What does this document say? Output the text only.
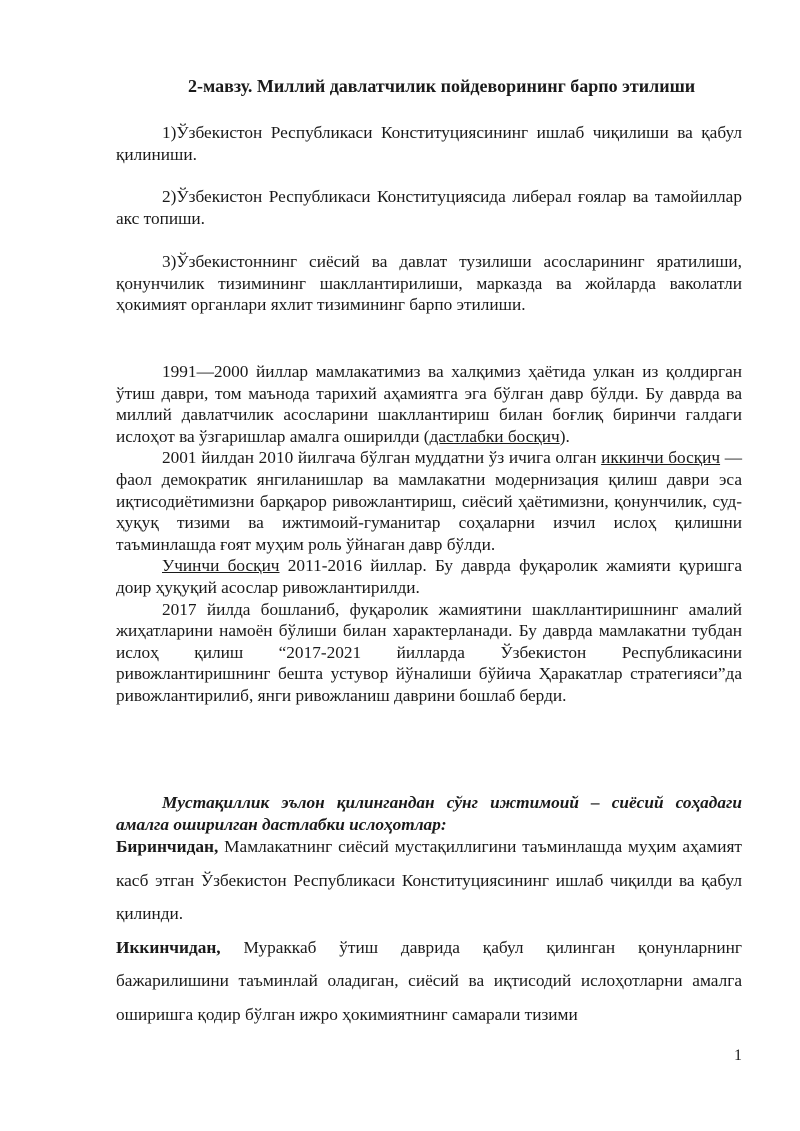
2-мавзу. Миллий давлатчилик пойдеворининг барпо этилиши

1)Ўзбекистон Республикаси Конституциясининг ишлаб чиқилиши ва қабул қилиниши.

2)Ўзбекистон Республикаси Конституциясида либерал ғоялар ва тамойиллар акс топиши.

3)Ўзбекистоннинг сиёсий ва давлат тузилиши асосларининг яратилиши, қонунчилик тизимининг шакллантирилиши, марказда ва жойларда ваколатли ҳокимият органлари яхлит тизимининг барпо этилиши.

1991—2000 йиллар мамлакатимиз ва халқимиз ҳаётида улкан из қолдирган ўтиш даври, том маънода тарихий аҳамиятга эга бўлган давр бўлди. Бу даврда ва миллий давлатчилик асосларини шакллантириш билан боғлиқ биринчи галдаги ислоҳот ва ўзгаришлар амалга оширилди (дастлабки босқич).

2001 йилдан 2010 йилгача бўлган муддатни ўз ичига олган иккинчи босқич — фаол демократик янгиланишлар ва мамлакатни модернизация қилиш даври эса иқтисодиётимизни барқарор ривожлантириш, сиёсий ҳаётимизни, қонунчилик, суд-ҳуқуқ тизими ва ижтимоий-гуманитар соҳаларни изчил ислоҳ қилишни таъминлашда ғоят муҳим роль ўйнаган давр бўлди.

Учинчи босқич 2011-2016 йиллар. Бу даврда фуқаролик жамияти қуришга доир ҳуқуқий асослар ривожлантирилди.

2017 йилда бошланиб, фуқаролик жамиятини шакллантиришнинг амалий жиҳатларини намоён бўлиши билан характерланади. Бу даврда мамлакатни тубдан ислоҳ қилиш “2017-2021 йилларда Ўзбекистон Республикасини ривожлантиришнинг бешта устувор йўналиши бўйича Ҳаракатлар стратегияси”да ривожлантирилиб, янги ривожланиш даврини бошлаб берди.

Мустақиллик эълон қилингандан сўнг ижтимоий – сиёсий соҳадаги амалга оширилган дастлабки ислоҳотлар:

Биринчидан, Мамлакатнинг сиёсий мустақиллигини таъминлашда муҳим аҳамият касб этган Ўзбекистон Республикаси Конституциясининг ишлаб чиқилди ва қабул қилинди.

Иккинчидан, Мураккаб ўтиш даврида қабул қилинган қонунларнинг бажарилишини таъминлай оладиган, сиёсий ва иқтисодий ислоҳотларни амалга оширишга қодир бўлган ижро ҳокимиятнинг самарали тизими

1
